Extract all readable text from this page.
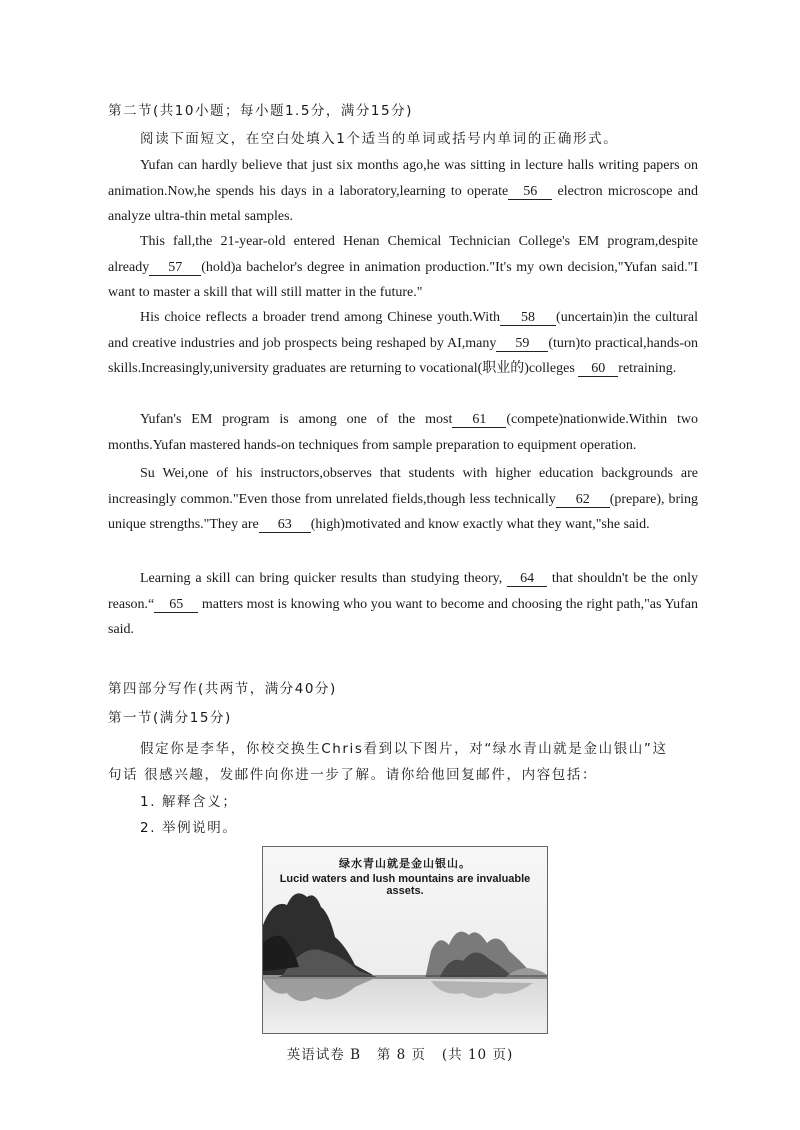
第二节(共10小题；每小题1.5分，满分15分)
阅读下面短文，在空白处填入1个适当的单词或括号内单词的正确形式。
Yufan can hardly believe that just six months ago,he was sitting in lecture halls writing papers on animation.Now,he spends his days in a laboratory,learning to operate 56 electron microscope and analyze ultra-thin metal samples.
This fall,the 21-year-old entered Henan Chemical Technician College's EM program,despite already 57 (hold)a bachelor's degree in animation production."It's my own decision,"Yufan said."I want to master a skill that will still matter in the future."
His choice reflects a broader trend among Chinese youth.With 58 (uncertain)in the cultural and creative industries and job prospects being reshaped by AI,many 59 (turn)to practical,hands-on skills.Increasingly,university graduates are returning to vocational(职业的)colleges 60 retraining.
Yufan's EM program is among one of the most 61 (compete)nationwide.Within two months.Yufan mastered hands-on techniques from sample preparation to equipment operation.
Su Wei,one of his instructors,observes that students with higher education backgrounds are increasingly common."Even those from unrelated fields,though less technically 62 (prepare), bring unique strengths."They are 63 (high)motivated and know exactly what they want,"she said.
Learning a skill can bring quicker results than studying theory, 64 that shouldn't be the only reason.“ 65 matters most is knowing who you want to become and choosing the right path,"as Yufan said.
第四部分写作(共两节，满分40分)
第一节(满分15分)
假定你是李华，你校交换生Chris看到以下图片，对“绿水青山就是金山银山”这
句话 很感兴趣，发邮件向你进一步了解。请你给他回复邮件，内容包括：
1. 解释含义；
2. 举例说明。
绿水青山就是金山银山。
Lucid waters and lush mountains are invaluable assets.
英语试卷 B   第 8 页   (共 10 页)
